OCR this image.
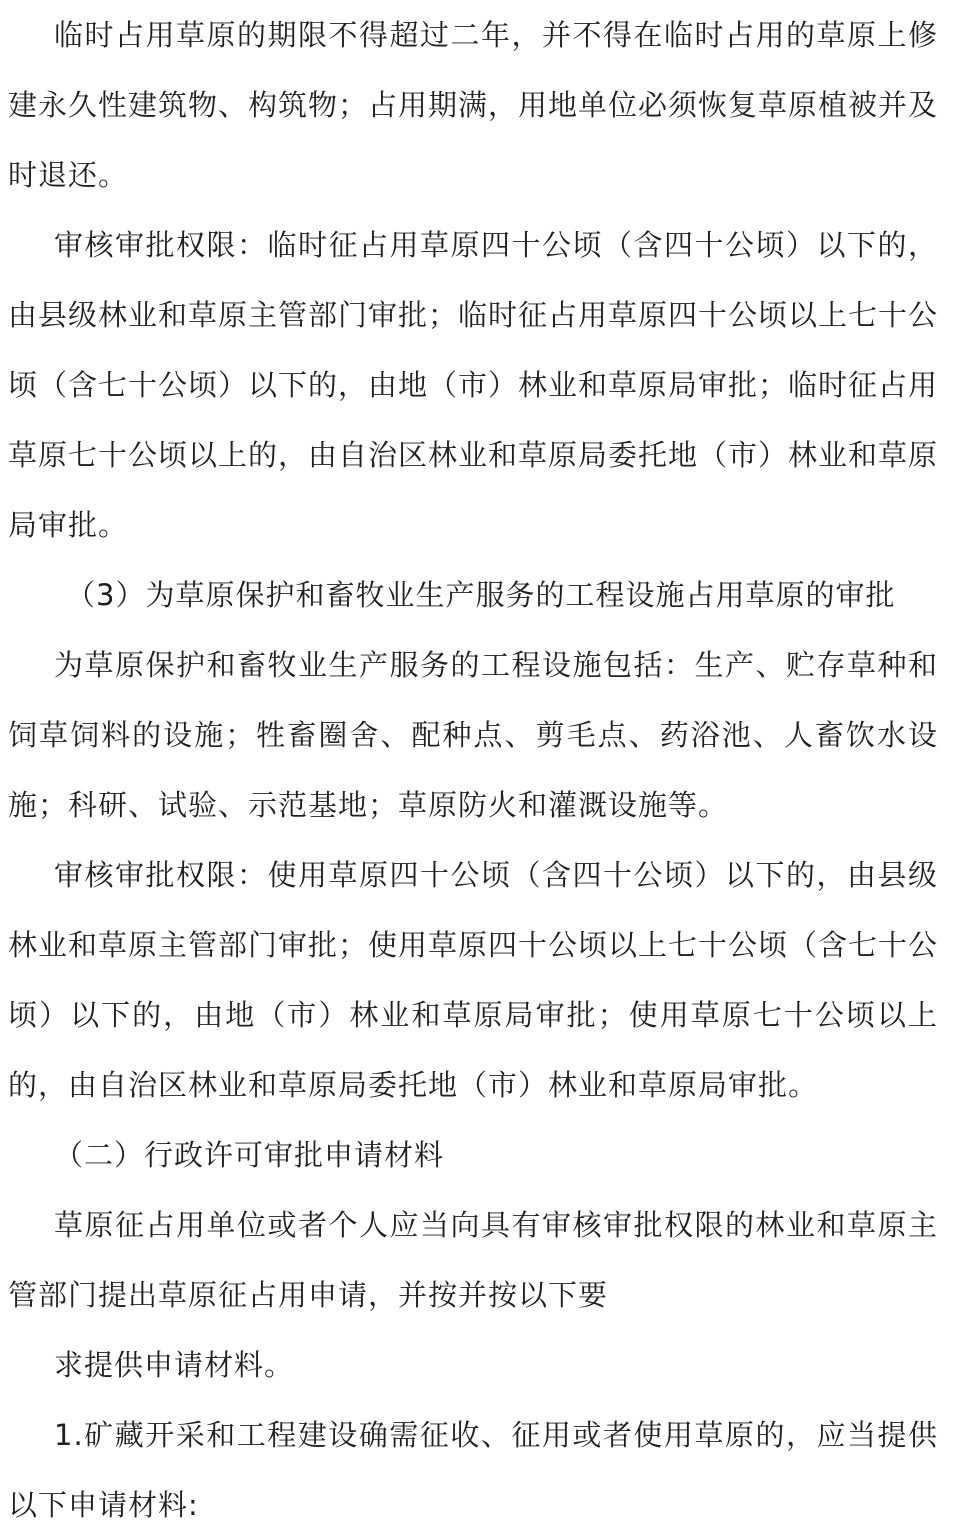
临时占用草原的期限不得超过二年，并不得在临时占用的草原上修建永久性建筑物、构筑物；占用期满，用地单位必须恢复草原植被并及时退还。

审核审批权限：临时征占用草原四十公顷（含四十公顷）以下的，由县级林业和草原主管部门审批；临时征占用草原四十公顷以上七十公顷（含七十公顷）以下的，由地（市）林业和草原局审批；临时征占用草原七十公顷以上的，由自治区林业和草原局委托地（市）林业和草原局审批。

（3）为草原保护和畜牧业生产服务的工程设施占用草原的审批

为草原保护和畜牧业生产服务的工程设施包括：生产、贮存草种和饲草饲料的设施；牲畜圈舍、配种点、剪毛点、药浴池、人畜饮水设施；科研、试验、示范基地；草原防火和灌溉设施等。

审核审批权限：使用草原四十公顷（含四十公顷）以下的，由县级林业和草原主管部门审批；使用草原四十公顷以上七十公顷（含七十公顷）以下的，由地（市）林业和草原局审批；使用草原七十公顷以上的，由自治区林业和草原局委托地（市）林业和草原局审批。

（二）行政许可审批申请材料

草原征占用单位或者个人应当向具有审核审批权限的林业和草原主管部门提出草原征占用申请，并按并按以下要

求提供申请材料。

1.矿藏开采和工程建设确需征收、征用或者使用草原的，应当提供以下申请材料:
